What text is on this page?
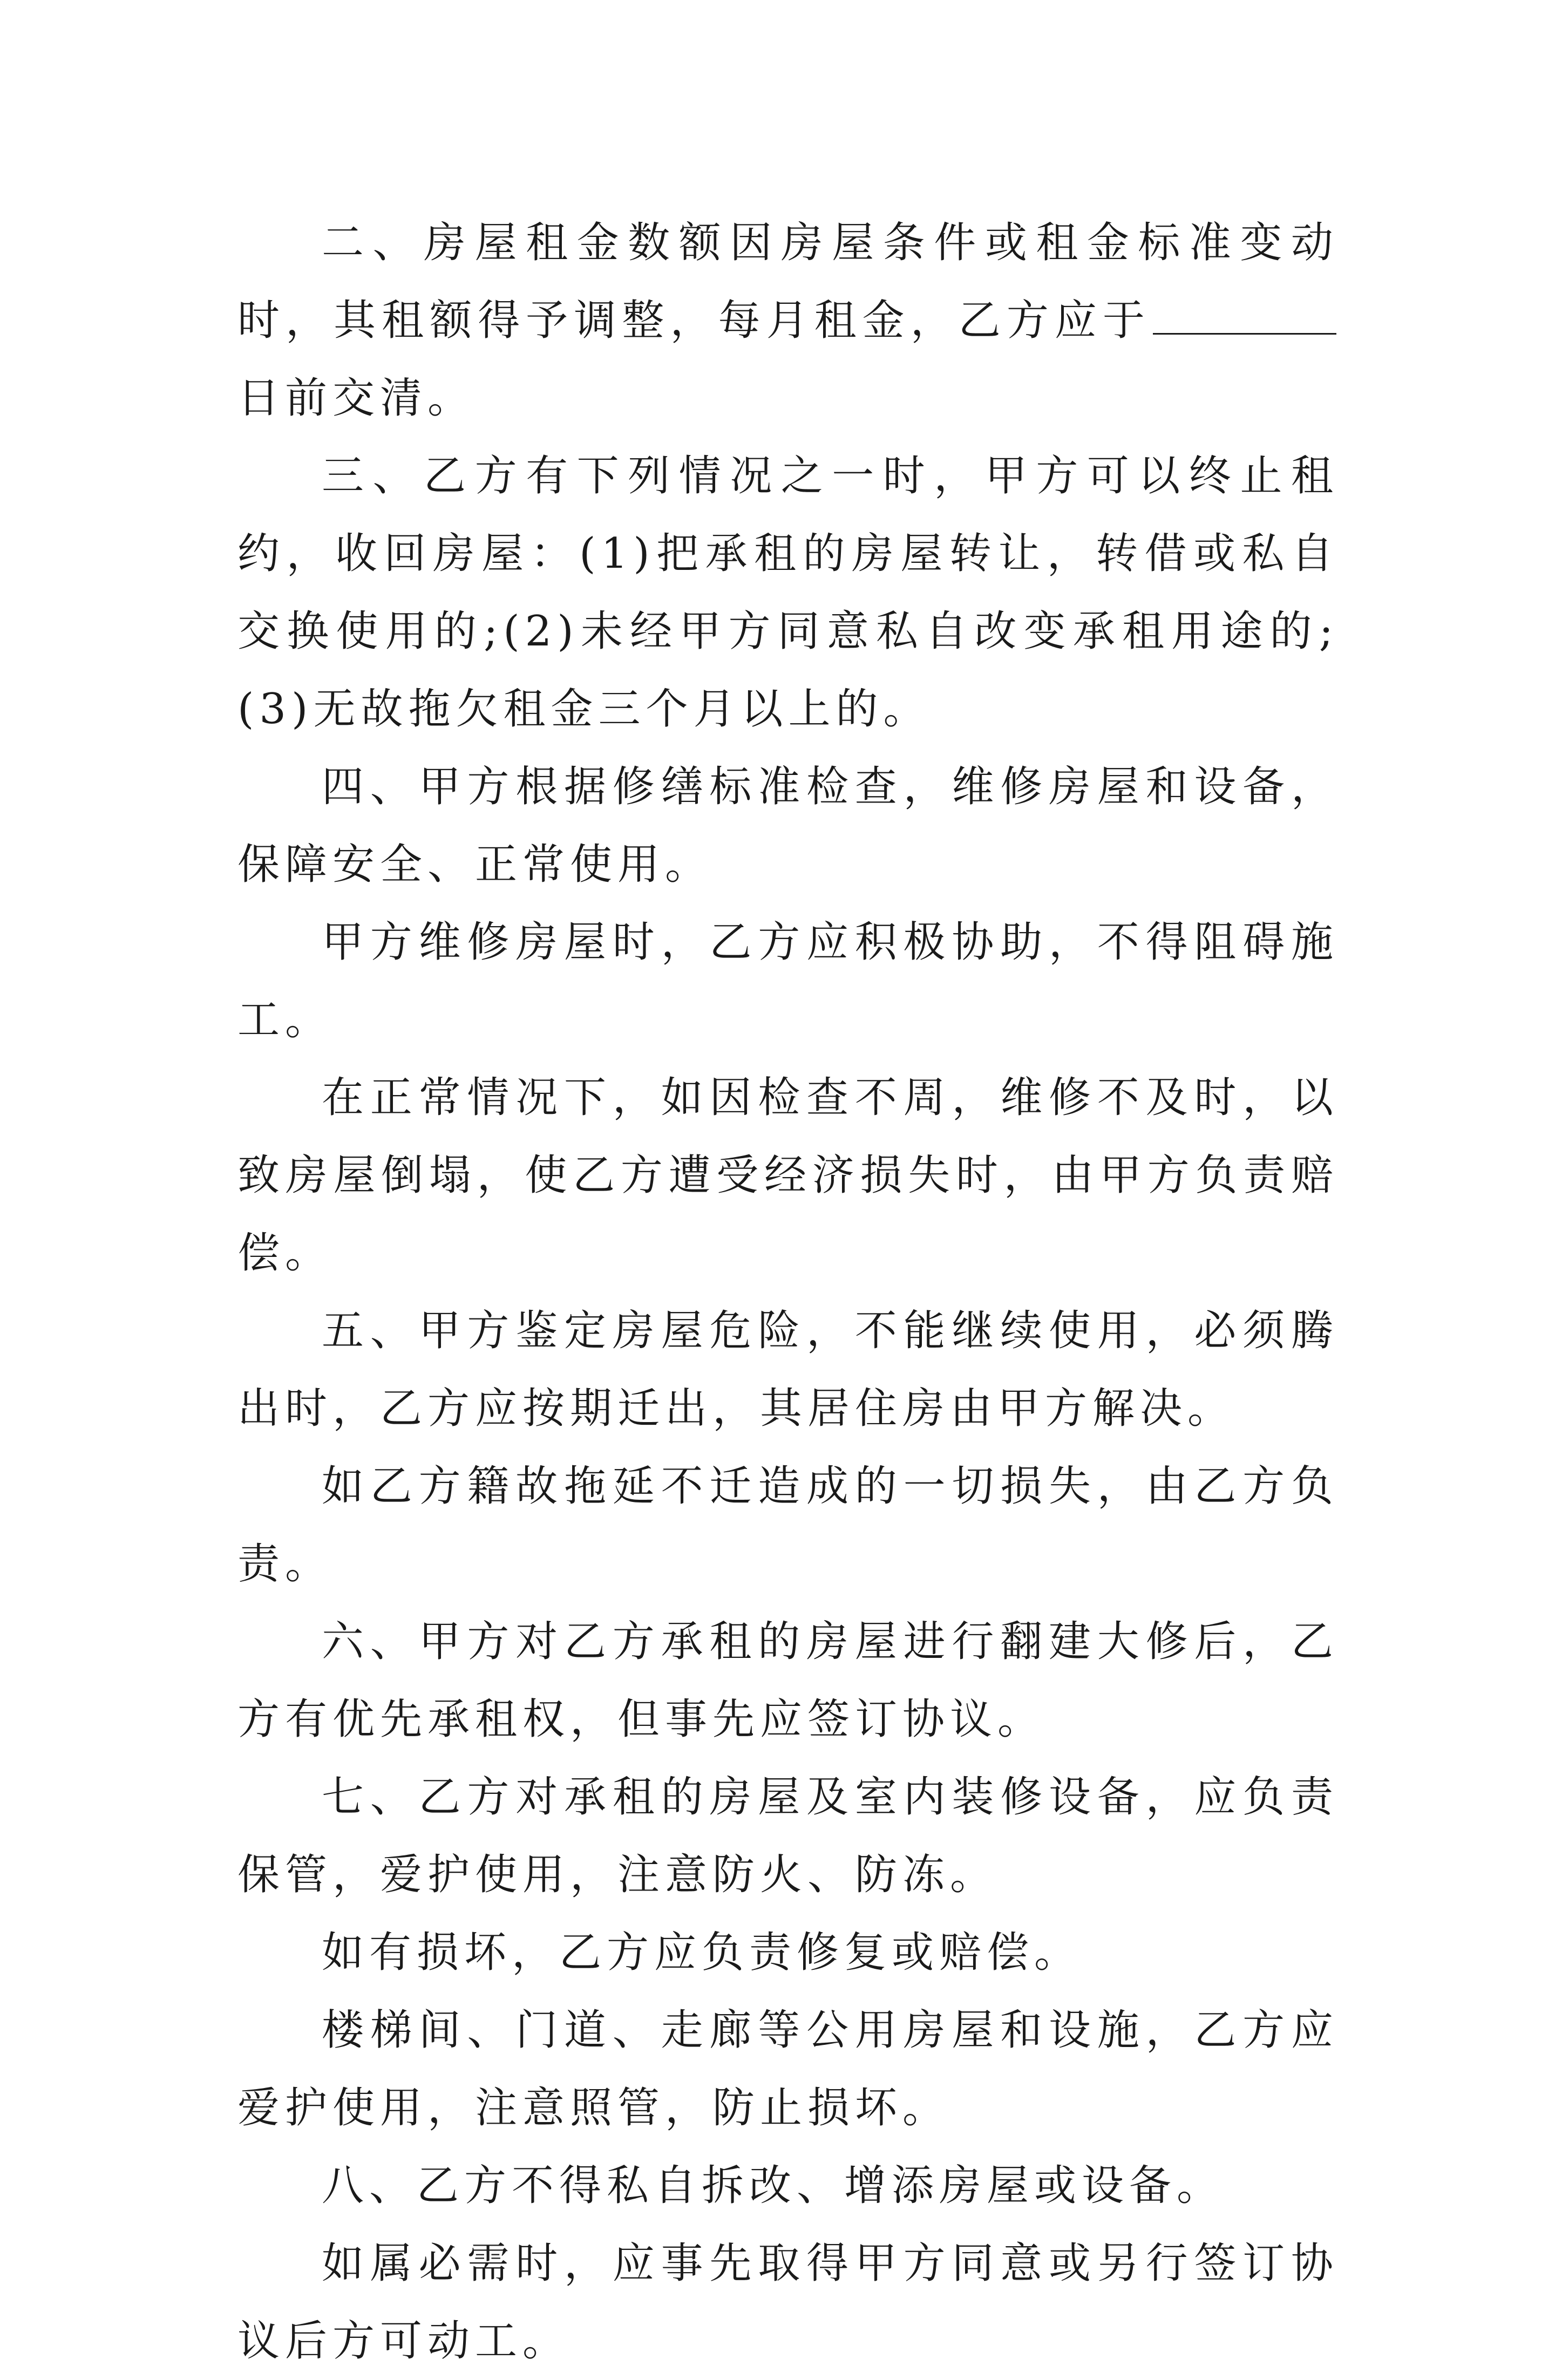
二、房屋租金数额因房屋条件或租金标准变动时，其租额得予调整，每月租金，乙方应于日前交清。

三、乙方有下列情况之一时，甲方可以终止租约，收回房屋：(1)把承租的房屋转让，转借或私自交换使用的;(2)未经甲方同意私自改变承租用途的;(3)无故拖欠租金三个月以上的。

四、甲方根据修缮标准检查，维修房屋和设备，保障安全、正常使用。

甲方维修房屋时，乙方应积极协助，不得阻碍施工。

在正常情况下，如因检查不周，维修不及时，以致房屋倒塌，使乙方遭受经济损失时，由甲方负责赔偿。

五、甲方鉴定房屋危险，不能继续使用，必须腾出时，乙方应按期迁出，其居住房由甲方解决。

如乙方籍故拖延不迁造成的一切损失，由乙方负责。

六、甲方对乙方承租的房屋进行翻建大修后，乙方有优先承租权，但事先应签订协议。

七、乙方对承租的房屋及室内装修设备，应负责保管，爱护使用，注意防火、防冻。

如有损坏，乙方应负责修复或赔偿。

楼梯间、门道、走廊等公用房屋和设施，乙方应爱护使用，注意照管，防止损坏。

八、乙方不得私自拆改、增添房屋或设备。

如属必需时，应事先取得甲方同意或另行签订协议后方可动工。
